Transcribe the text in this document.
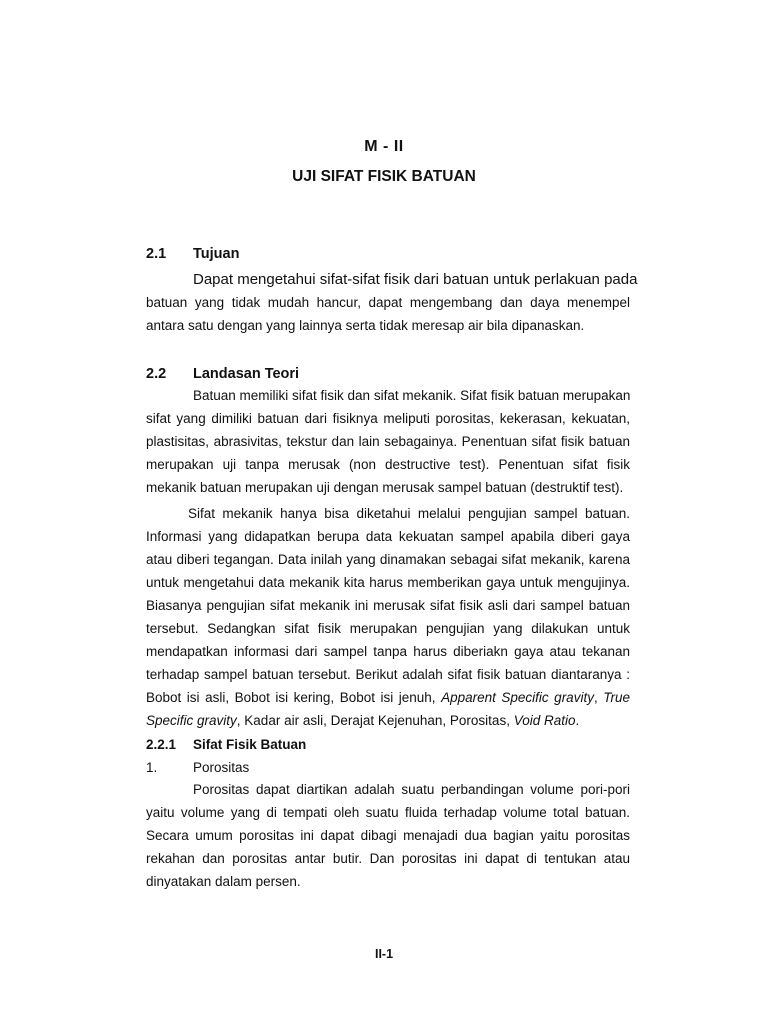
M - II
UJI SIFAT FISIK BATUAN
2.1 Tujuan
Dapat mengetahui sifat-sifat fisik dari batuan untuk perlakuan pada
batuan yang tidak mudah hancur, dapat mengembang dan daya menempel
antara satu dengan yang lainnya serta tidak meresap air bila dipanaskan.
2.2 Landasan Teori
Batuan memiliki sifat fisik dan sifat mekanik. Sifat fisik batuan merupakan
sifat yang dimiliki batuan dari fisiknya meliputi porositas, kekerasan, kekuatan,
plastisitas, abrasivitas, tekstur dan lain sebagainya. Penentuan sifat fisik batuan
merupakan uji tanpa merusak (non destructive test). Penentuan sifat fisik
mekanik batuan merupakan uji dengan merusak sampel batuan (destruktif test).
Sifat mekanik hanya bisa diketahui melalui pengujian sampel batuan.
Informasi yang didapatkan berupa data kekuatan sampel apabila diberi gaya
atau diberi tegangan. Data inilah yang dinamakan sebagai sifat mekanik, karena
untuk mengetahui data mekanik kita harus memberikan gaya untuk mengujinya.
Biasanya pengujian sifat mekanik ini merusak sifat fisik asli dari sampel batuan
tersebut. Sedangkan sifat fisik merupakan pengujian yang dilakukan untuk
mendapatkan informasi dari sampel tanpa harus diberiakn gaya atau tekanan
terhadap sampel batuan tersebut. Berikut adalah sifat fisik batuan diantaranya :
Bobot isi asli, Bobot isi kering, Bobot isi jenuh, Apparent Specific gravity, True
Specific gravity, Kadar air asli, Derajat Kejenuhan, Porositas, Void Ratio.
2.2.1 Sifat Fisik Batuan
1.	Porositas
Porositas dapat diartikan adalah suatu perbandingan volume pori-pori
yaitu volume yang di tempati oleh suatu fluida terhadap volume total batuan.
Secara umum porositas ini dapat dibagi menajadi dua bagian yaitu porositas
rekahan dan porositas antar butir. Dan porositas ini dapat di tentukan atau
dinyatakan dalam persen.
II-1
